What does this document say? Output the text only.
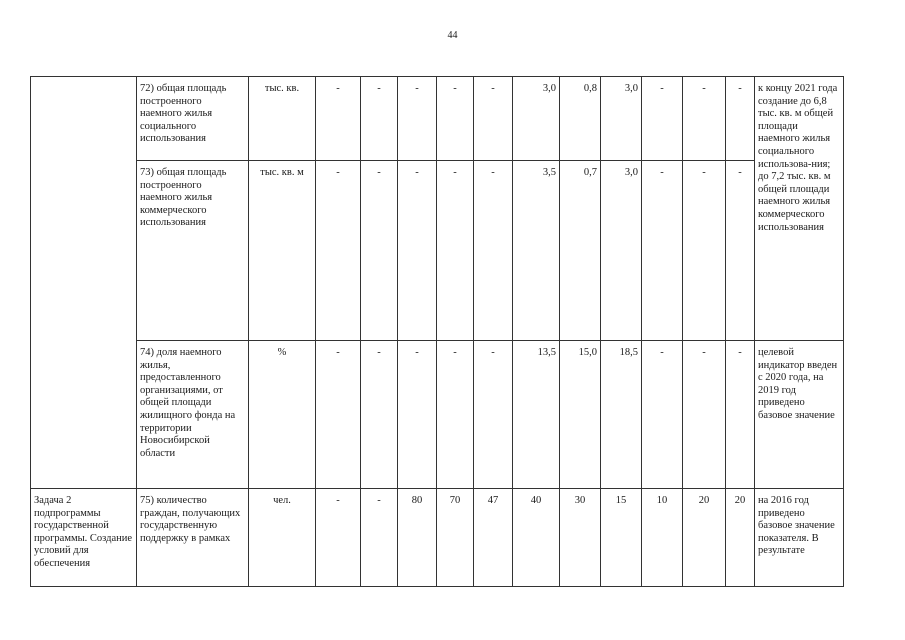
44
	72) общая площадь построенного наемного жилья социального использования	тыс. кв.	-	-	-	-	-	3,0	0,8	3,0	-	-	-	к концу 2021 года создание до 6,8 тыс. кв. м общей площади наемного жилья социального использова-ния; до 7,2 тыс. кв. м общей площади наемного жилья коммерческого использования
	73) общая площадь построенного наемного жилья коммерческого использования	тыс. кв. м	-	-	-	-	-	3,5	0,7	3,0	-	-	-	
	74) доля наемного жилья, предоставленного организациями, от общей площади жилищного фонда на территории Новосибирской области	%	-	-	-	-	-	13,5	15,0	18,5	-	-	-	целевой индикатор введен с 2020 года, на 2019 год приведено базовое значение
Задача 2 подпрограммы государственной программы. Создание условий для обеспечения	75) количество граждан, получающих государственную поддержку в рамках	чел.	-	-	80	70	47	40	30	15	10	20	20	на 2016 год приведено базовое значение показателя. В результате
